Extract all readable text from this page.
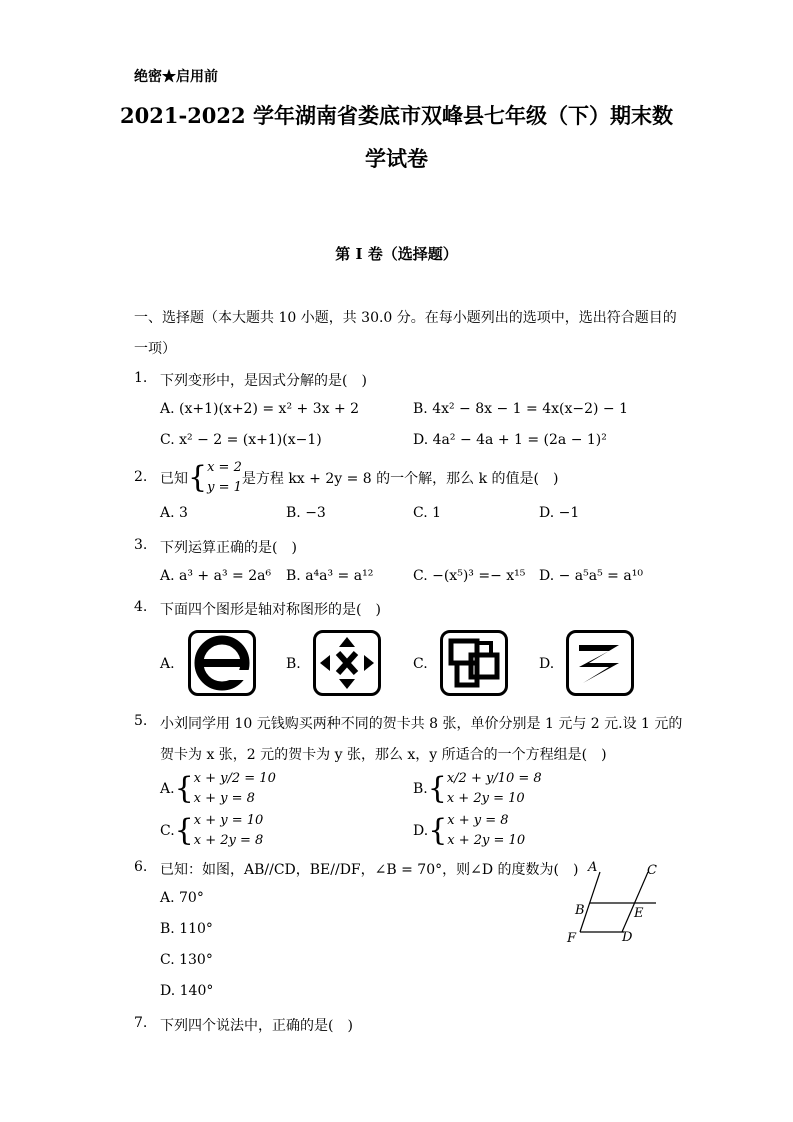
绝密★启用前
2021-2022 学年湖南省娄底市双峰县七年级（下）期末数
学试卷
第 I 卷（选择题）
一、选择题（本大题共 10 小题，共 30.0 分。在每小题列出的选项中，选出符合题目的
一项）
1. 下列变形中，是因式分解的是(　)
A. (x+1)(x+2) = x² + 3x + 2	B. 4x² − 8x − 1 = 4x(x−2) − 1
C. x² − 2 = (x+1)(x−1)	D. 4a² − 4a + 1 = (2a − 1)²
2. 已知 { x = 2
y = 1
是方程 kx + 2y = 8 的一个解，那么 k 的值是(　)
A. 3	B. −3	C. 1	D. −1
3. 下列运算正确的是(　)
A. a³ + a³ = 2a⁶ B. a⁴a³ = a¹²	C. −(x⁵)³ =− x¹⁵ D. − a⁵a⁵ = a¹⁰
4. 下面四个图形是轴对称图形的是(　)
A.	B.	C.	D.
5. 小刘同学用 10 元钱购买两种不同的贺卡共 8 张，单价分别是 1 元与 2 元.设 1 元的
贺卡为 x 张，2 元的贺卡为 y 张，那么 x，y 所适合的一个方程组是(　)
A. { x + y/2 = 10
x + y = 8
B. { x/2 + y/10 = 8
x + 2y = 10
C. { x + y = 10
x + 2y = 8
D. { x + y = 8
x + 2y = 10
6. 已知：如图，AB//CD，BE//DF，∠B = 70°，则∠D 的度数为(　)
A. 70°
B. 110°
C. 130°
D. 140°
A	C
B	E
F	D
7. 下列四个说法中，正确的是(　)
